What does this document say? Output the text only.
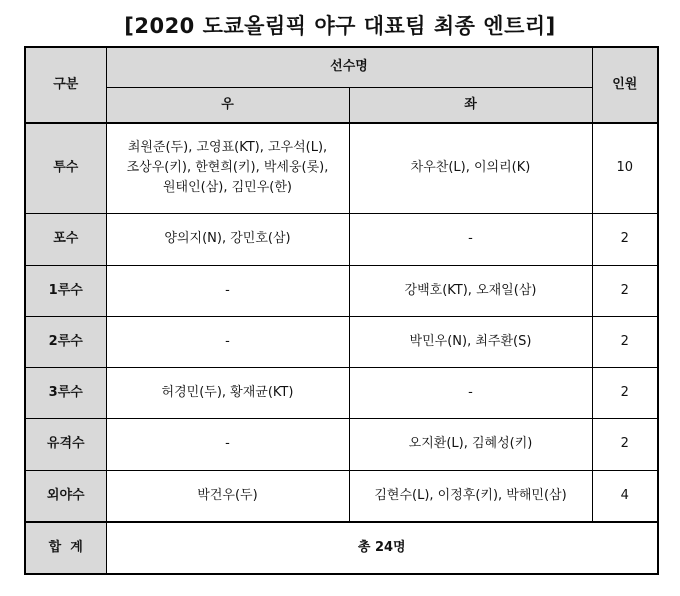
[2020 도쿄올림픽 야구 대표팀 최종 엔트리]
구분	선수명		인원
	우	좌	
투수	최원준(두), 고영표(KT), 고우석(L),
조상우(키), 한현희(키), 박세웅(롯),
원태인(삼), 김민우(한)	차우찬(L), 이의리(K)	10
포수	양의지(N), 강민호(삼)	-	2
1루수	-	강백호(KT), 오재일(삼)	2
2루수	-	박민우(N), 최주환(S)	2
3루수	허경민(두), 황재균(KT)	-	2
유격수	-	오지환(L), 김혜성(키)	2
외야수	박건우(두)	김현수(L), 이정후(키), 박해민(삼)	4
합  계	총 24명		
